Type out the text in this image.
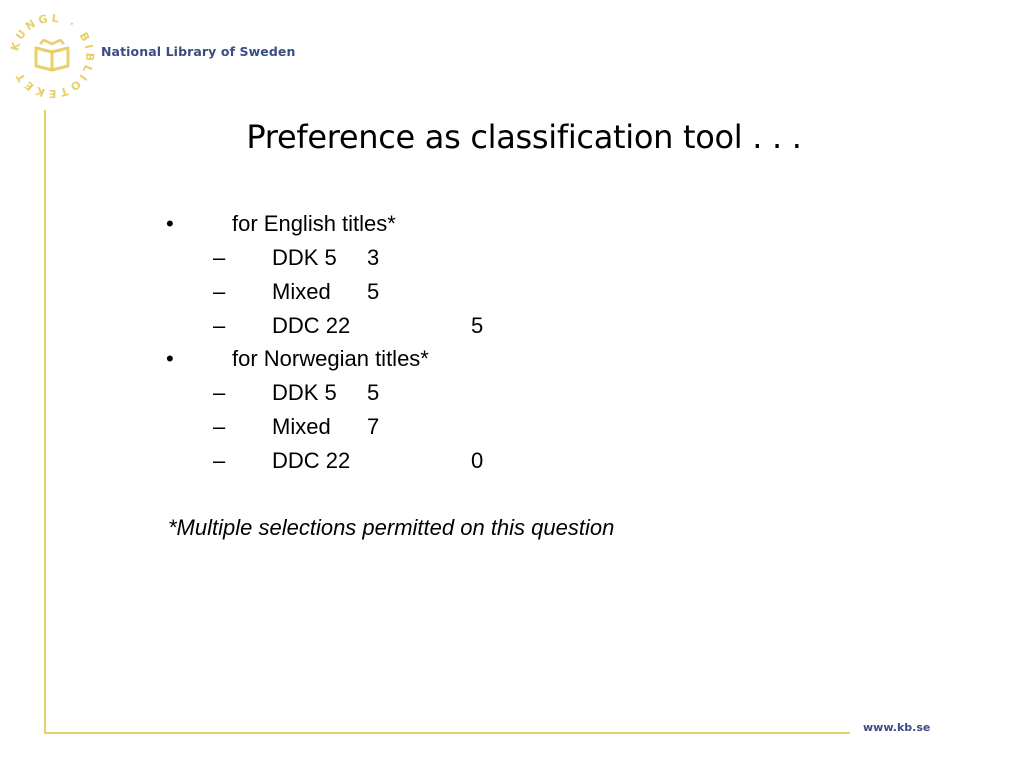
KUNGL · BIBLIOTEKET
National Library of Sweden
www.kb.se
Preference as classification tool . . .
•	for English titles*
– DDK 5 3
– Mixed 5
– DDC 22	5
•	for Norwegian titles*
– DDK 5 5
– Mixed 7
– DDC 22	0
*Multiple selections permitted on this question
